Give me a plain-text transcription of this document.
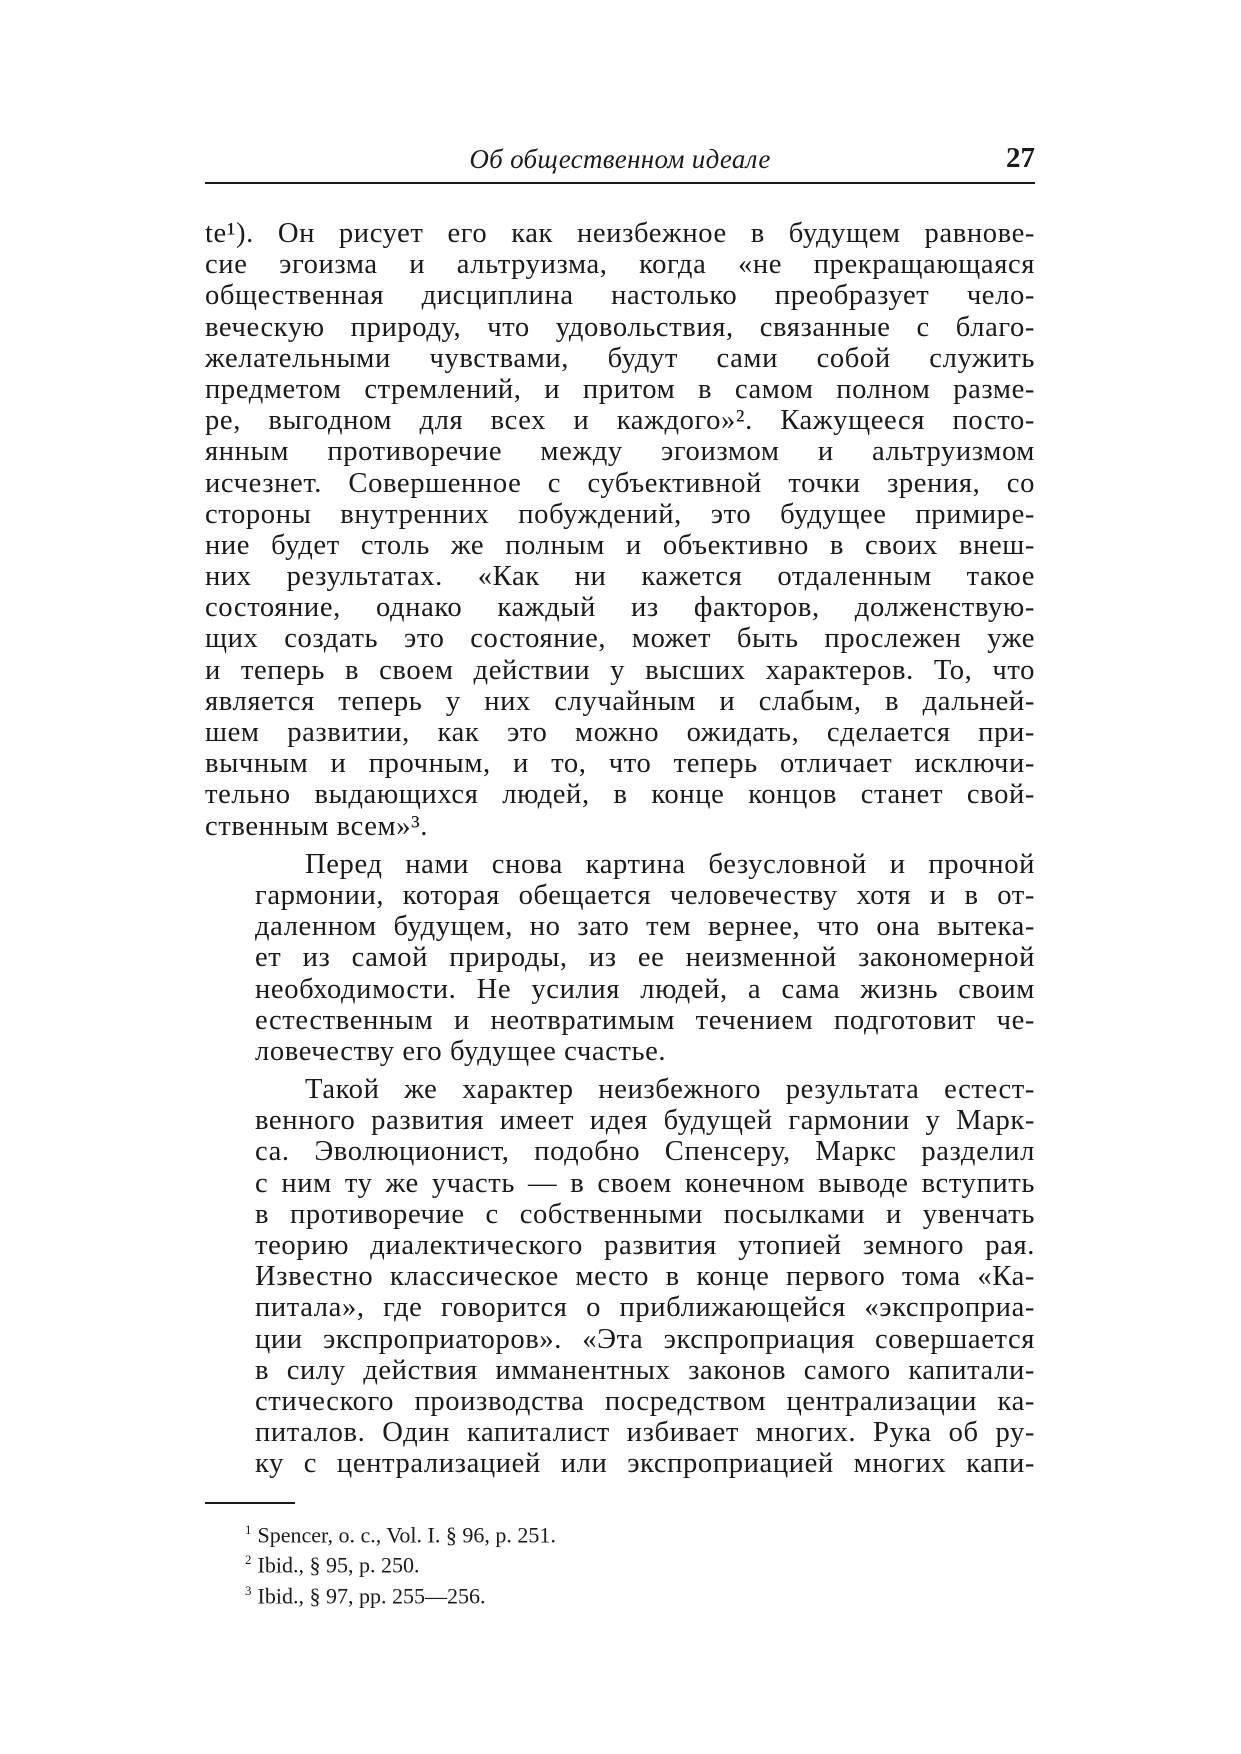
Об общественном идеале	27

te¹). Он рисует его как неизбежное в будущем равнове-
сие эгоизма и альтруизма, когда «не прекращающаяся
общественная дисциплина настолько преобразует чело-
веческую природу, что удовольствия, связанные с благо-
желательными чувствами, будут сами собой служить
предметом стремлений, и притом в самом полном разме-
ре, выгодном для всех и каждого»². Кажущееся посто-
янным противоречие между эгоизмом и альтруизмом
исчезнет. Совершенное с субъективной точки зрения, со
стороны внутренних побуждений, это будущее примире-
ние будет столь же полным и объективно в своих внеш-
них результатах. «Как ни кажется отдаленным такое
состояние, однако каждый из факторов, долженствую-
щих создать это состояние, может быть прослежен уже
и теперь в своем действии у высших характеров. То, что
является теперь у них случайным и слабым, в дальней-
шем развитии, как это можно ожидать, сделается при-
вычным и прочным, и то, что теперь отличает исключи-
тельно выдающихся людей, в конце концов станет свой-
ственным всем»³.

Перед нами снова картина безусловной и прочной
гармонии, которая обещается человечеству хотя и в от-
даленном будущем, но зато тем вернее, что она вытека-
ет из самой природы, из ее неизменной закономерной
необходимости. Не усилия людей, а сама жизнь своим
естественным и неотвратимым течением подготовит че-
ловечеству его будущее счастье.

Такой же характер неизбежного результата естест-
венного развития имеет идея будущей гармонии у Марк-
са. Эволюционист, подобно Спенсеру, Маркс разделил
с ним ту же участь — в своем конечном выводе вступить
в противоречие с собственными посылками и увенчать
теорию диалектического развития утопией земного рая.
Известно классическое место в конце первого тома «Ка-
питала», где говорится о приближающейся «экспроприа-
ции экспроприаторов». «Эта экспроприация совершается
в силу действия имманентных законов самого капитали-
стического производства посредством централизации ка-
питалов. Один капиталист избивает многих. Рука об ру-
ку с централизацией или экспроприацией многих капи-

$^1$ Spencer, o. c., Vol. I. § 96, p. 251.
$^2$ Ibid., § 95, p. 250.
$^3$ Ibid., § 97, pp. 255—256.
